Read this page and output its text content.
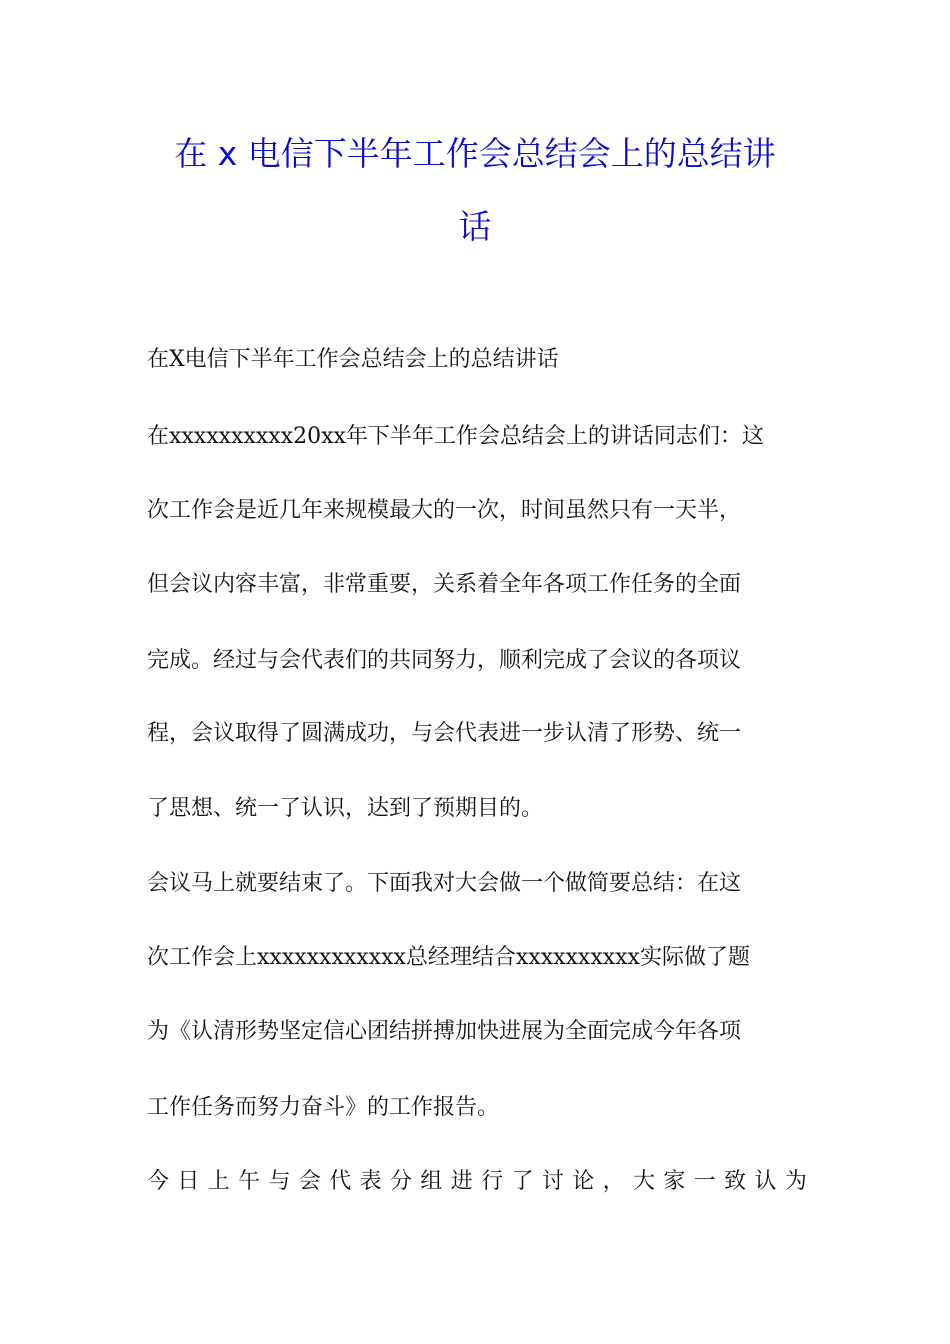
在 x 电信下半年工作会总结会上的总结讲
话
在X电信下半年工作会总结会上的总结讲话
在xxxxxxxxxx20xx年下半年工作会总结会上的讲话同志们：这
次工作会是近几年来规模最大的一次，时间虽然只有一天半，
但会议内容丰富，非常重要，关系着全年各项工作任务的全面
完成。经过与会代表们的共同努力，顺利完成了会议的各项议
程，会议取得了圆满成功，与会代表进一步认清了形势、统一
了思想、统一了认识，达到了预期目的。
会议马上就要结束了。下面我对大会做一个做简要总结：在这
次工作会上xxxxxxxxxxxx总经理结合xxxxxxxxxx实际做了题
为《认清形势坚定信心团结拼搏加快进展为全面完成今年各项
工作任务而努力奋斗》的工作报告。
今 日 上 午 与 会 代 表 分 组 进 行 了 讨 论 ， 大 家 一 致 认 为
